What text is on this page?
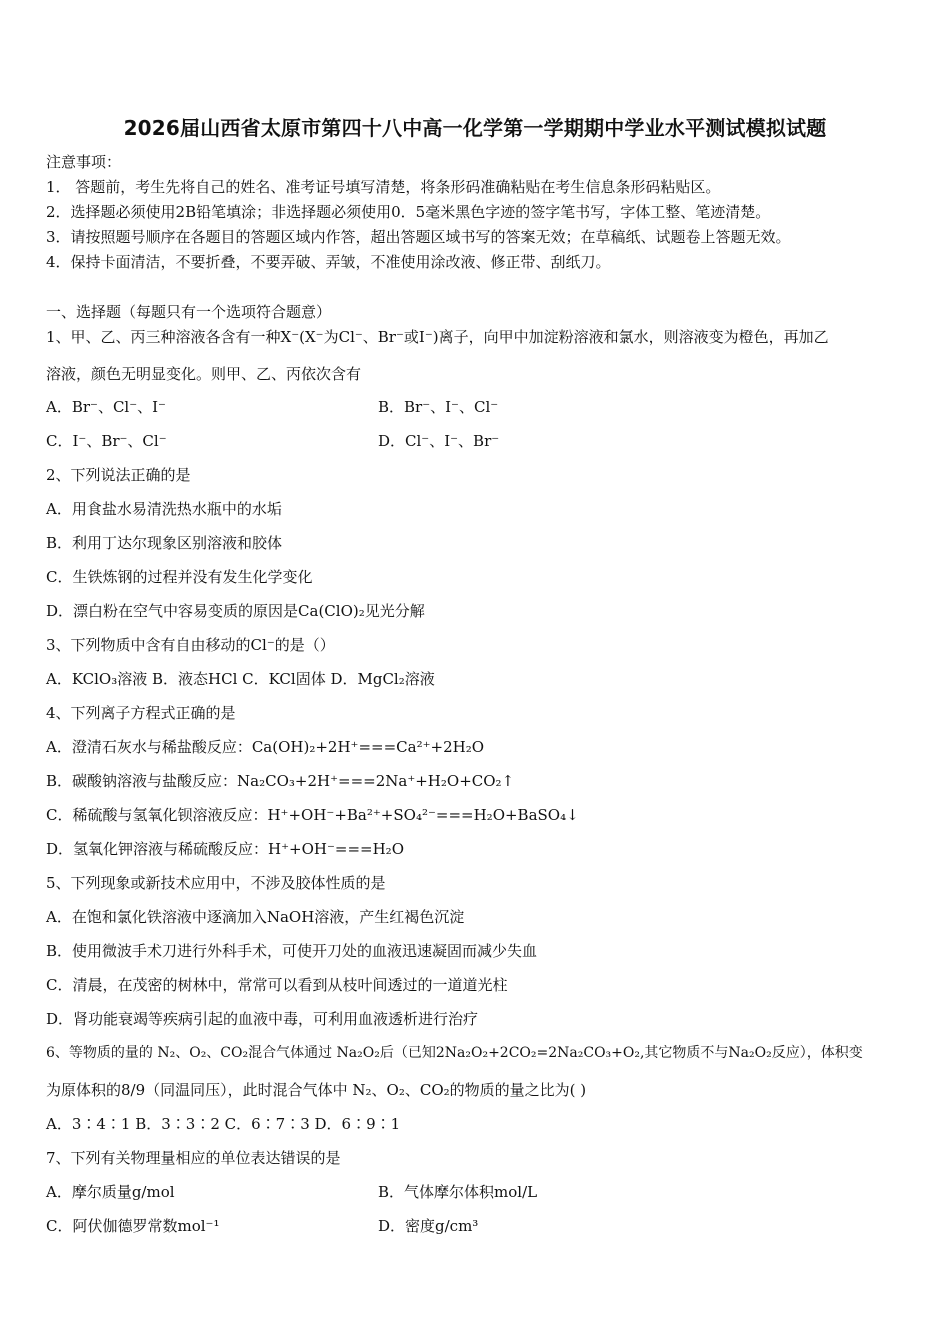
2026届山西省太原市第四十八中高一化学第一学期期中学业水平测试模拟试题
注意事项：
1． 答题前，考生先将自己的姓名、准考证号填写清楚，将条形码准确粘贴在考生信息条形码粘贴区。
2．选择题必须使用2B铅笔填涂；非选择题必须使用0．5毫米黑色字迹的签字笔书写，字体工整、笔迹清楚。
3．请按照题号顺序在各题目的答题区域内作答，超出答题区域书写的答案无效；在草稿纸、试题卷上答题无效。
4．保持卡面清洁，不要折叠，不要弄破、弄皱，不准使用涂改液、修正带、刮纸刀。
一、选择题（每题只有一个选项符合题意）
1、甲、乙、丙三种溶液各含有一种X⁻(X⁻为Cl⁻、Br⁻或I⁻)离子，向甲中加淀粉溶液和氯水，则溶液变为橙色，再加乙
溶液，颜色无明显变化。则甲、乙、丙依次含有
A．Br⁻、Cl⁻、I⁻	B．Br⁻、I⁻、Cl⁻
C．I⁻、Br⁻、Cl⁻	D．Cl⁻、I⁻、Br⁻
2、下列说法正确的是
A．用食盐水易清洗热水瓶中的水垢
B．利用丁达尔现象区别溶液和胶体
C．生铁炼钢的过程并没有发生化学变化
D．漂白粉在空气中容易变质的原因是Ca(ClO)₂见光分解
3、下列物质中含有自由移动的Cl⁻的是（）
A．KClO₃溶液 B．液态HCl C．KCl固体 D．MgCl₂溶液
4、下列离子方程式正确的是
A．澄清石灰水与稀盐酸反应：Ca(OH)₂+2H⁺===Ca²⁺+2H₂O
B．碳酸钠溶液与盐酸反应：Na₂CO₃+2H⁺===2Na⁺+H₂O+CO₂↑
C．稀硫酸与氢氧化钡溶液反应：H⁺+OH⁻+Ba²⁺+SO₄²⁻===H₂O+BaSO₄↓
D．氢氧化钾溶液与稀硫酸反应：H⁺+OH⁻===H₂O
5、下列现象或新技术应用中，不涉及胶体性质的是
A．在饱和氯化铁溶液中逐滴加入NaOH溶液，产生红褐色沉淀
B．使用微波手术刀进行外科手术，可使开刀处的血液迅速凝固而减少失血
C．清晨，在茂密的树林中，常常可以看到从枝叶间透过的一道道光柱
D．肾功能衰竭等疾病引起的血液中毒，可利用血液透析进行治疗
6、等物质的量的 N₂、O₂、CO₂混合气体通过 Na₂O₂后（已知2Na₂O₂+2CO₂=2Na₂CO₃+O₂,其它物质不与Na₂O₂反应），体积变
为原体积的8/9（同温同压），此时混合气体中 N₂、O₂、CO₂的物质的量之比为( )
A．3∶4∶1 B．3∶3∶2 C．6∶7∶3 D．6∶9∶1
7、下列有关物理量相应的单位表达错误的是
A．摩尔质量g/mol	B．气体摩尔体积mol/L
C．阿伏伽德罗常数mol⁻¹	D．密度g/cm³
